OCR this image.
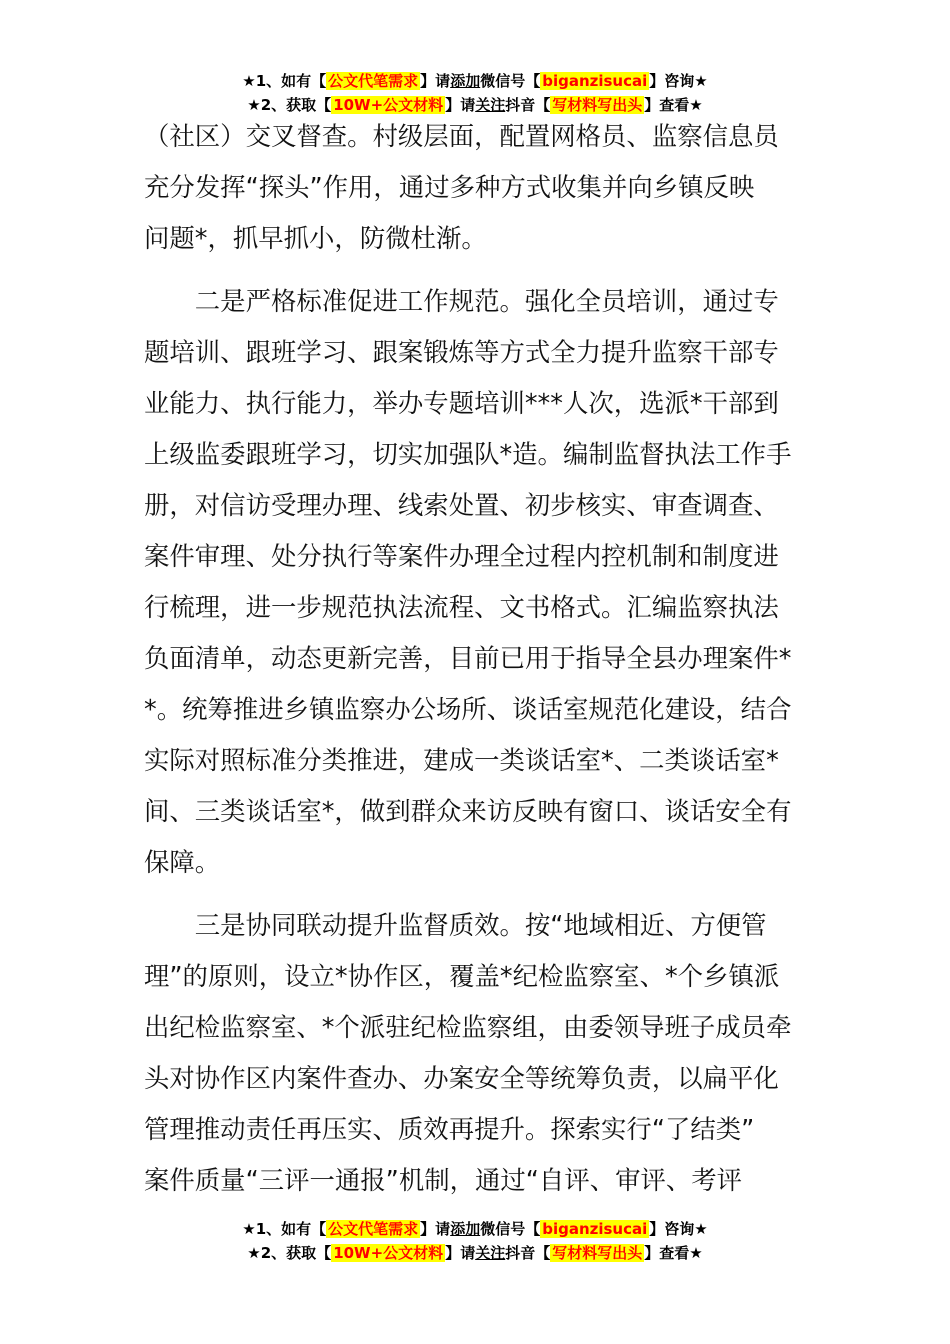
★1、如有【 公文代笔需求 】请添加微信号【 biganzisucai 】咨询★
★2、获取【 10W+公文材料 】请关注抖音【 写材料写出头 】查看★
（社区）交叉督查。村级层面，配置网格员、监察信息员
充分发挥“探头”作用，通过多种方式收集并向乡镇反映
问题*，抓早抓小，防微杜渐。
　　二是严格标准促进工作规范。强化全员培训，通过专
题培训、跟班学习、跟案锻炼等方式全力提升监察干部专
业能力、执行能力，举办专题培训***人次，选派*干部到
上级监委跟班学习，切实加强队*造。编制监督执法工作手
册，对信访受理办理、线索处置、初步核实、审查调查、
案件审理、处分执行等案件办理全过程内控机制和制度进
行梳理，进一步规范执法流程、文书格式。汇编监察执法
负面清单，动态更新完善，目前已用于指导全县办理案件*
*。统筹推进乡镇监察办公场所、谈话室规范化建设，结合
实际对照标准分类推进，建成一类谈话室*、二类谈话室*
间、三类谈话室*，做到群众来访反映有窗口、谈话安全有
保障。
　　三是协同联动提升监督质效。按“地域相近、方便管
理”的原则，设立*协作区，覆盖*纪检监察室、*个乡镇派
出纪检监察室、*个派驻纪检监察组，由委领导班子成员牵
头对协作区内案件查办、办案安全等统筹负责，以扁平化
管理推动责任再压实、质效再提升。探索实行“了结类”
案件质量“三评一通报”机制，通过“自评、审评、考评
★1、如有【 公文代笔需求 】请添加微信号【 biganzisucai 】咨询★
★2、获取【 10W+公文材料 】请关注抖音【 写材料写出头 】查看★
